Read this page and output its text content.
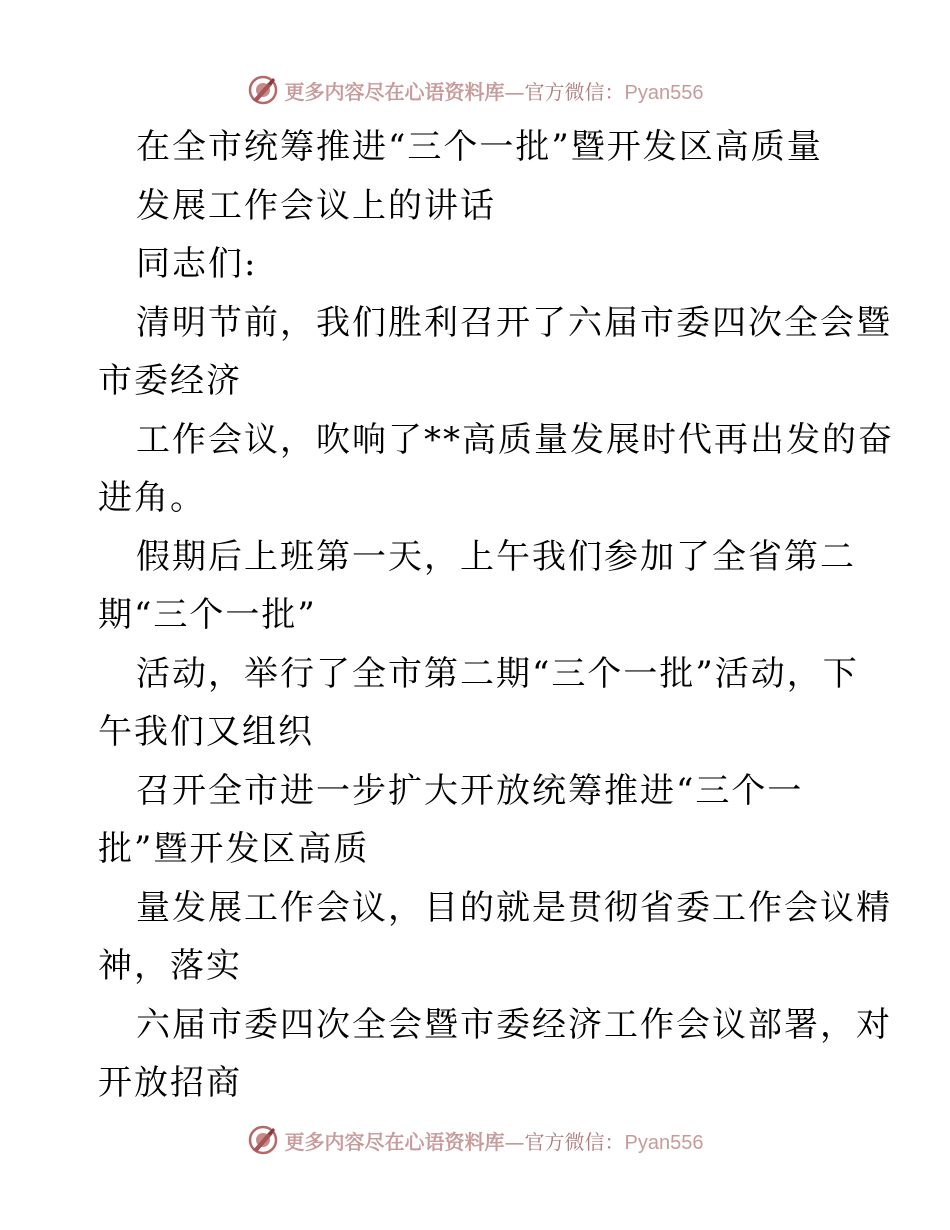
更多内容尽在心语资料库—官方微信：Pyan556
在全市统筹推进“三个一批”暨开发区高质量
发展工作会议上的讲话
同志们:
清明节前，我们胜利召开了六届市委四次全会暨
市委经济
工作会议，吹响了**高质量发展时代再出发的奋
进角。
假期后上班第一天，上午我们参加了全省第二
期“三个一批”
活动，举行了全市第二期“三个一批”活动，下
午我们又组织
召开全市进一步扩大开放统筹推进“三个一
批”暨开发区高质
量发展工作会议，目的就是贯彻省委工作会议精
神，落实
六届市委四次全会暨市委经济工作会议部署，对
开放招商
更多内容尽在心语资料库—官方微信：Pyan556
